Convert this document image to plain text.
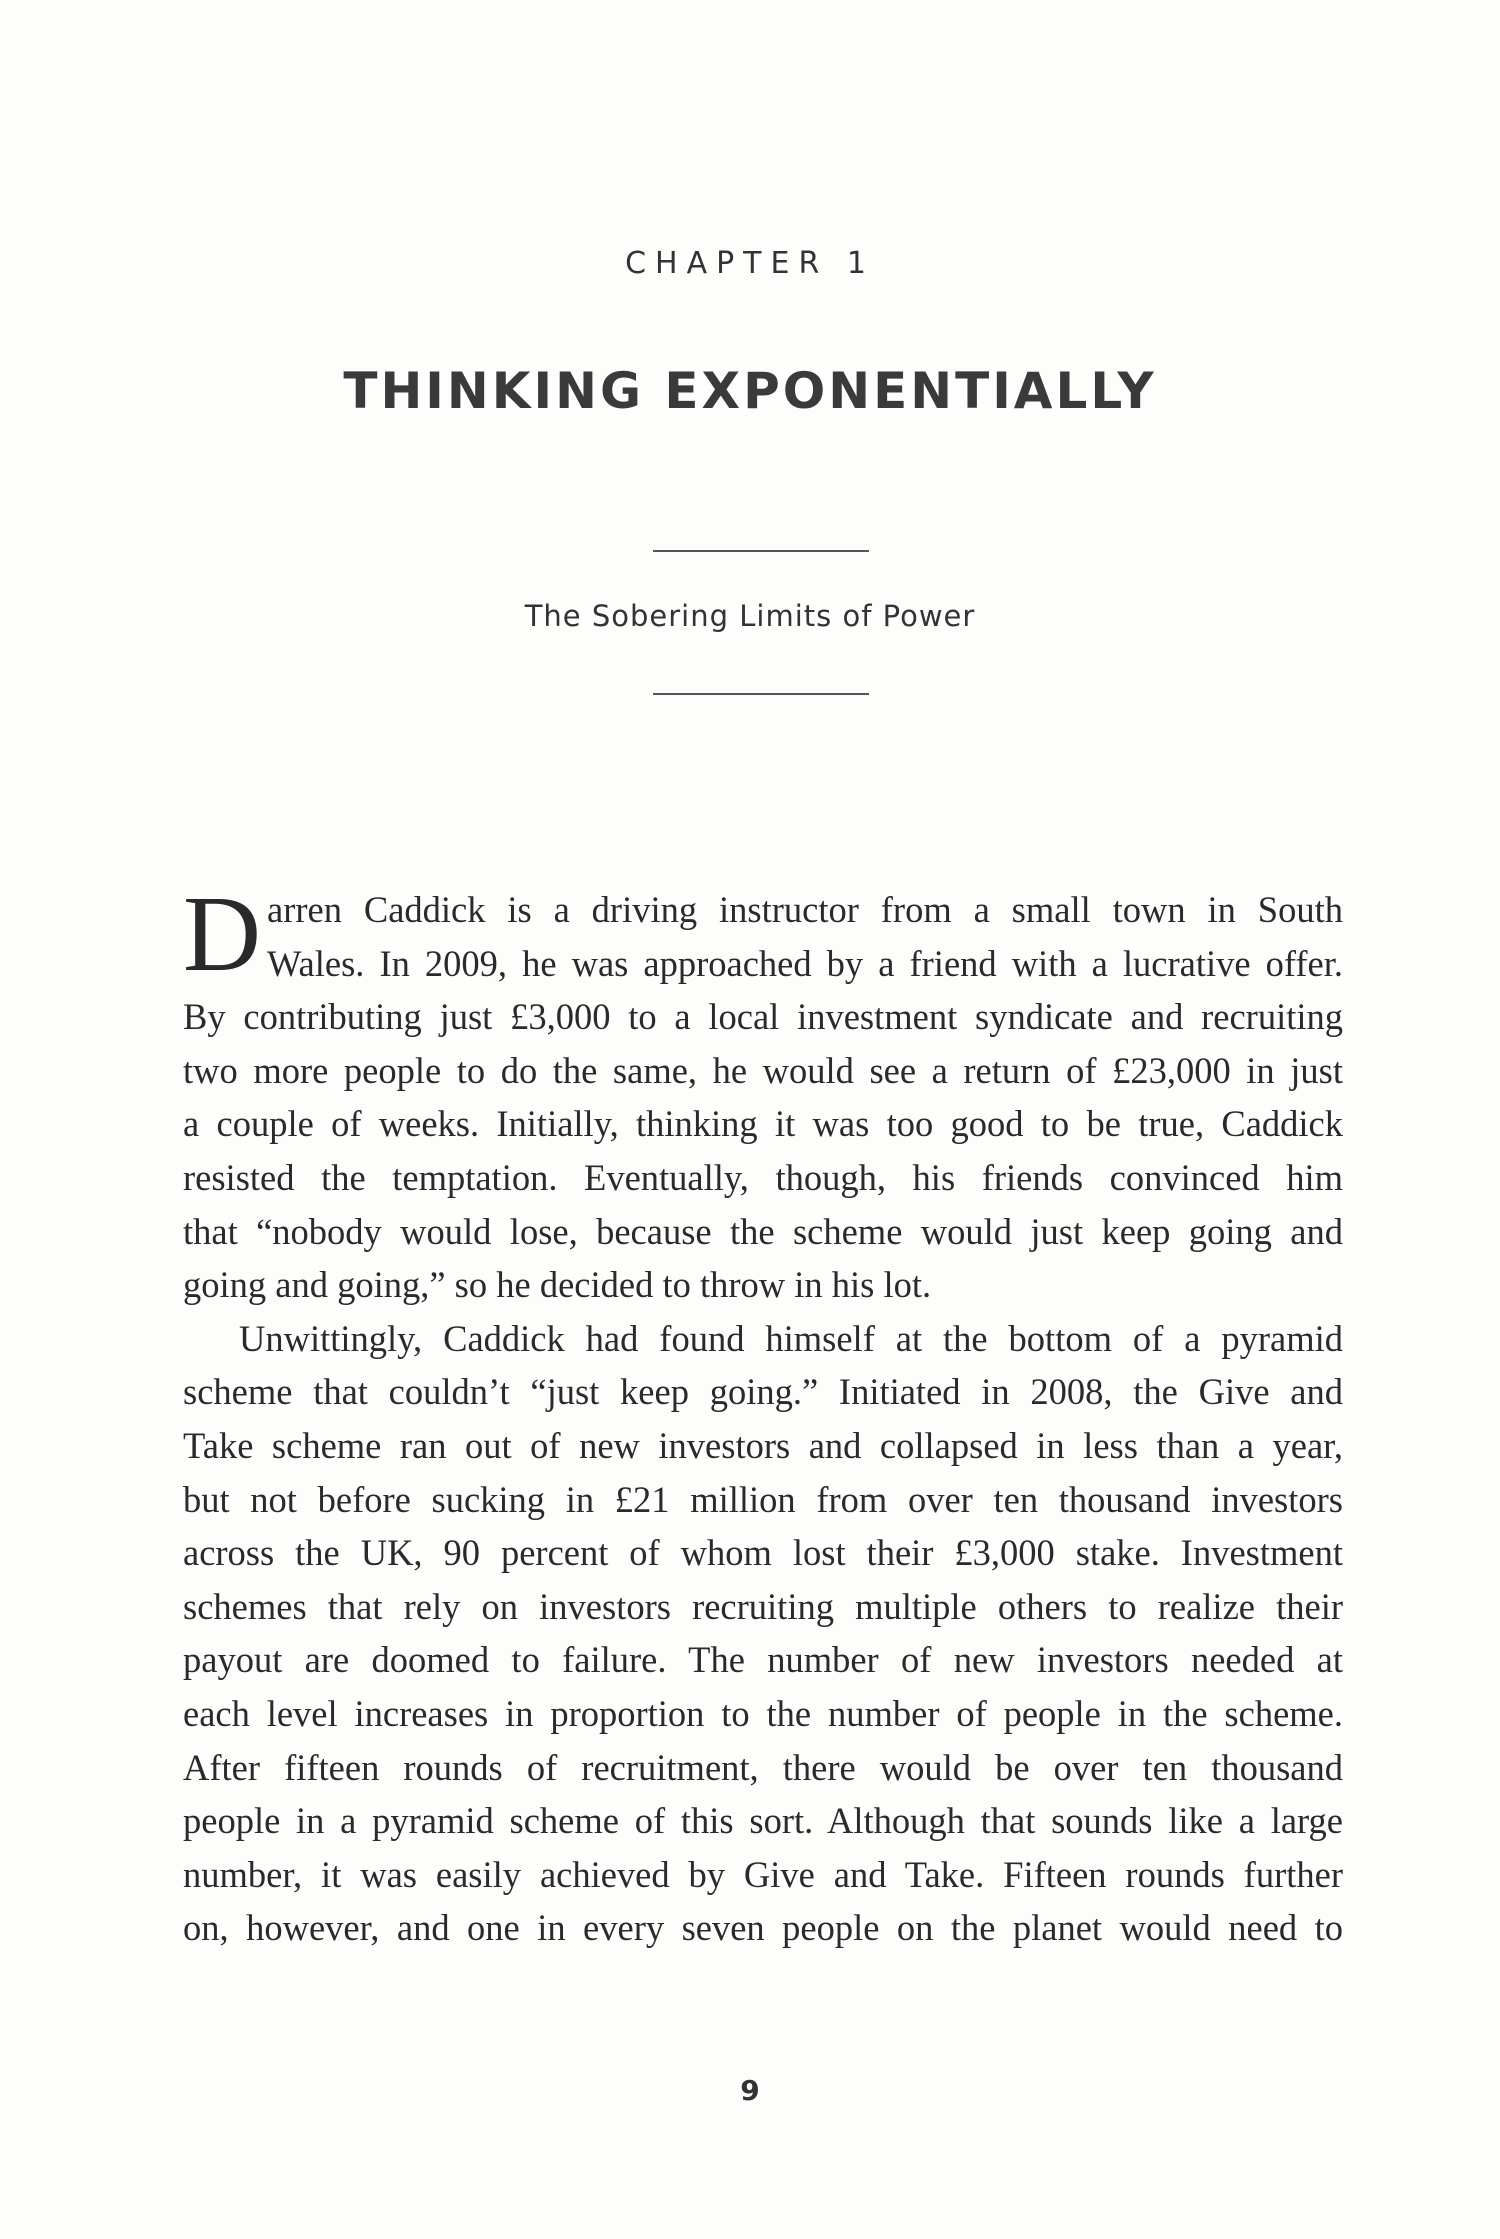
CHAPTER 1
THINKING EXPONENTIALLY
The Sobering Limits of Power
D arren Caddick is a driving instructor from a small town in South
Wales. In 2009, he was approached by a friend with a lucrative offer.
By contributing just £3,000 to a local investment syndicate and recruiting
two more people to do the same, he would see a return of £23,000 in just
a couple of weeks. Initially, thinking it was too good to be true, Caddick
resisted the temptation. Eventually, though, his friends convinced him
that “nobody would lose, because the scheme would just keep going and
going and going,” so he decided to throw in his lot.
Unwittingly, Caddick had found himself at the bottom of a pyramid
scheme that couldn’t “just keep going.” Initiated in 2008, the Give and
Take scheme ran out of new investors and collapsed in less than a year,
but not before sucking in £21 million from over ten thousand investors
across the UK, 90 percent of whom lost their £3,000 stake. Investment
schemes that rely on investors recruiting multiple others to realize their
payout are doomed to failure. The number of new investors needed at
each level increases in proportion to the number of people in the scheme.
After fifteen rounds of recruitment, there would be over ten thousand
people in a pyramid scheme of this sort. Although that sounds like a large
number, it was easily achieved by Give and Take. Fifteen rounds further
on, however, and one in every seven people on the planet would need to
9
